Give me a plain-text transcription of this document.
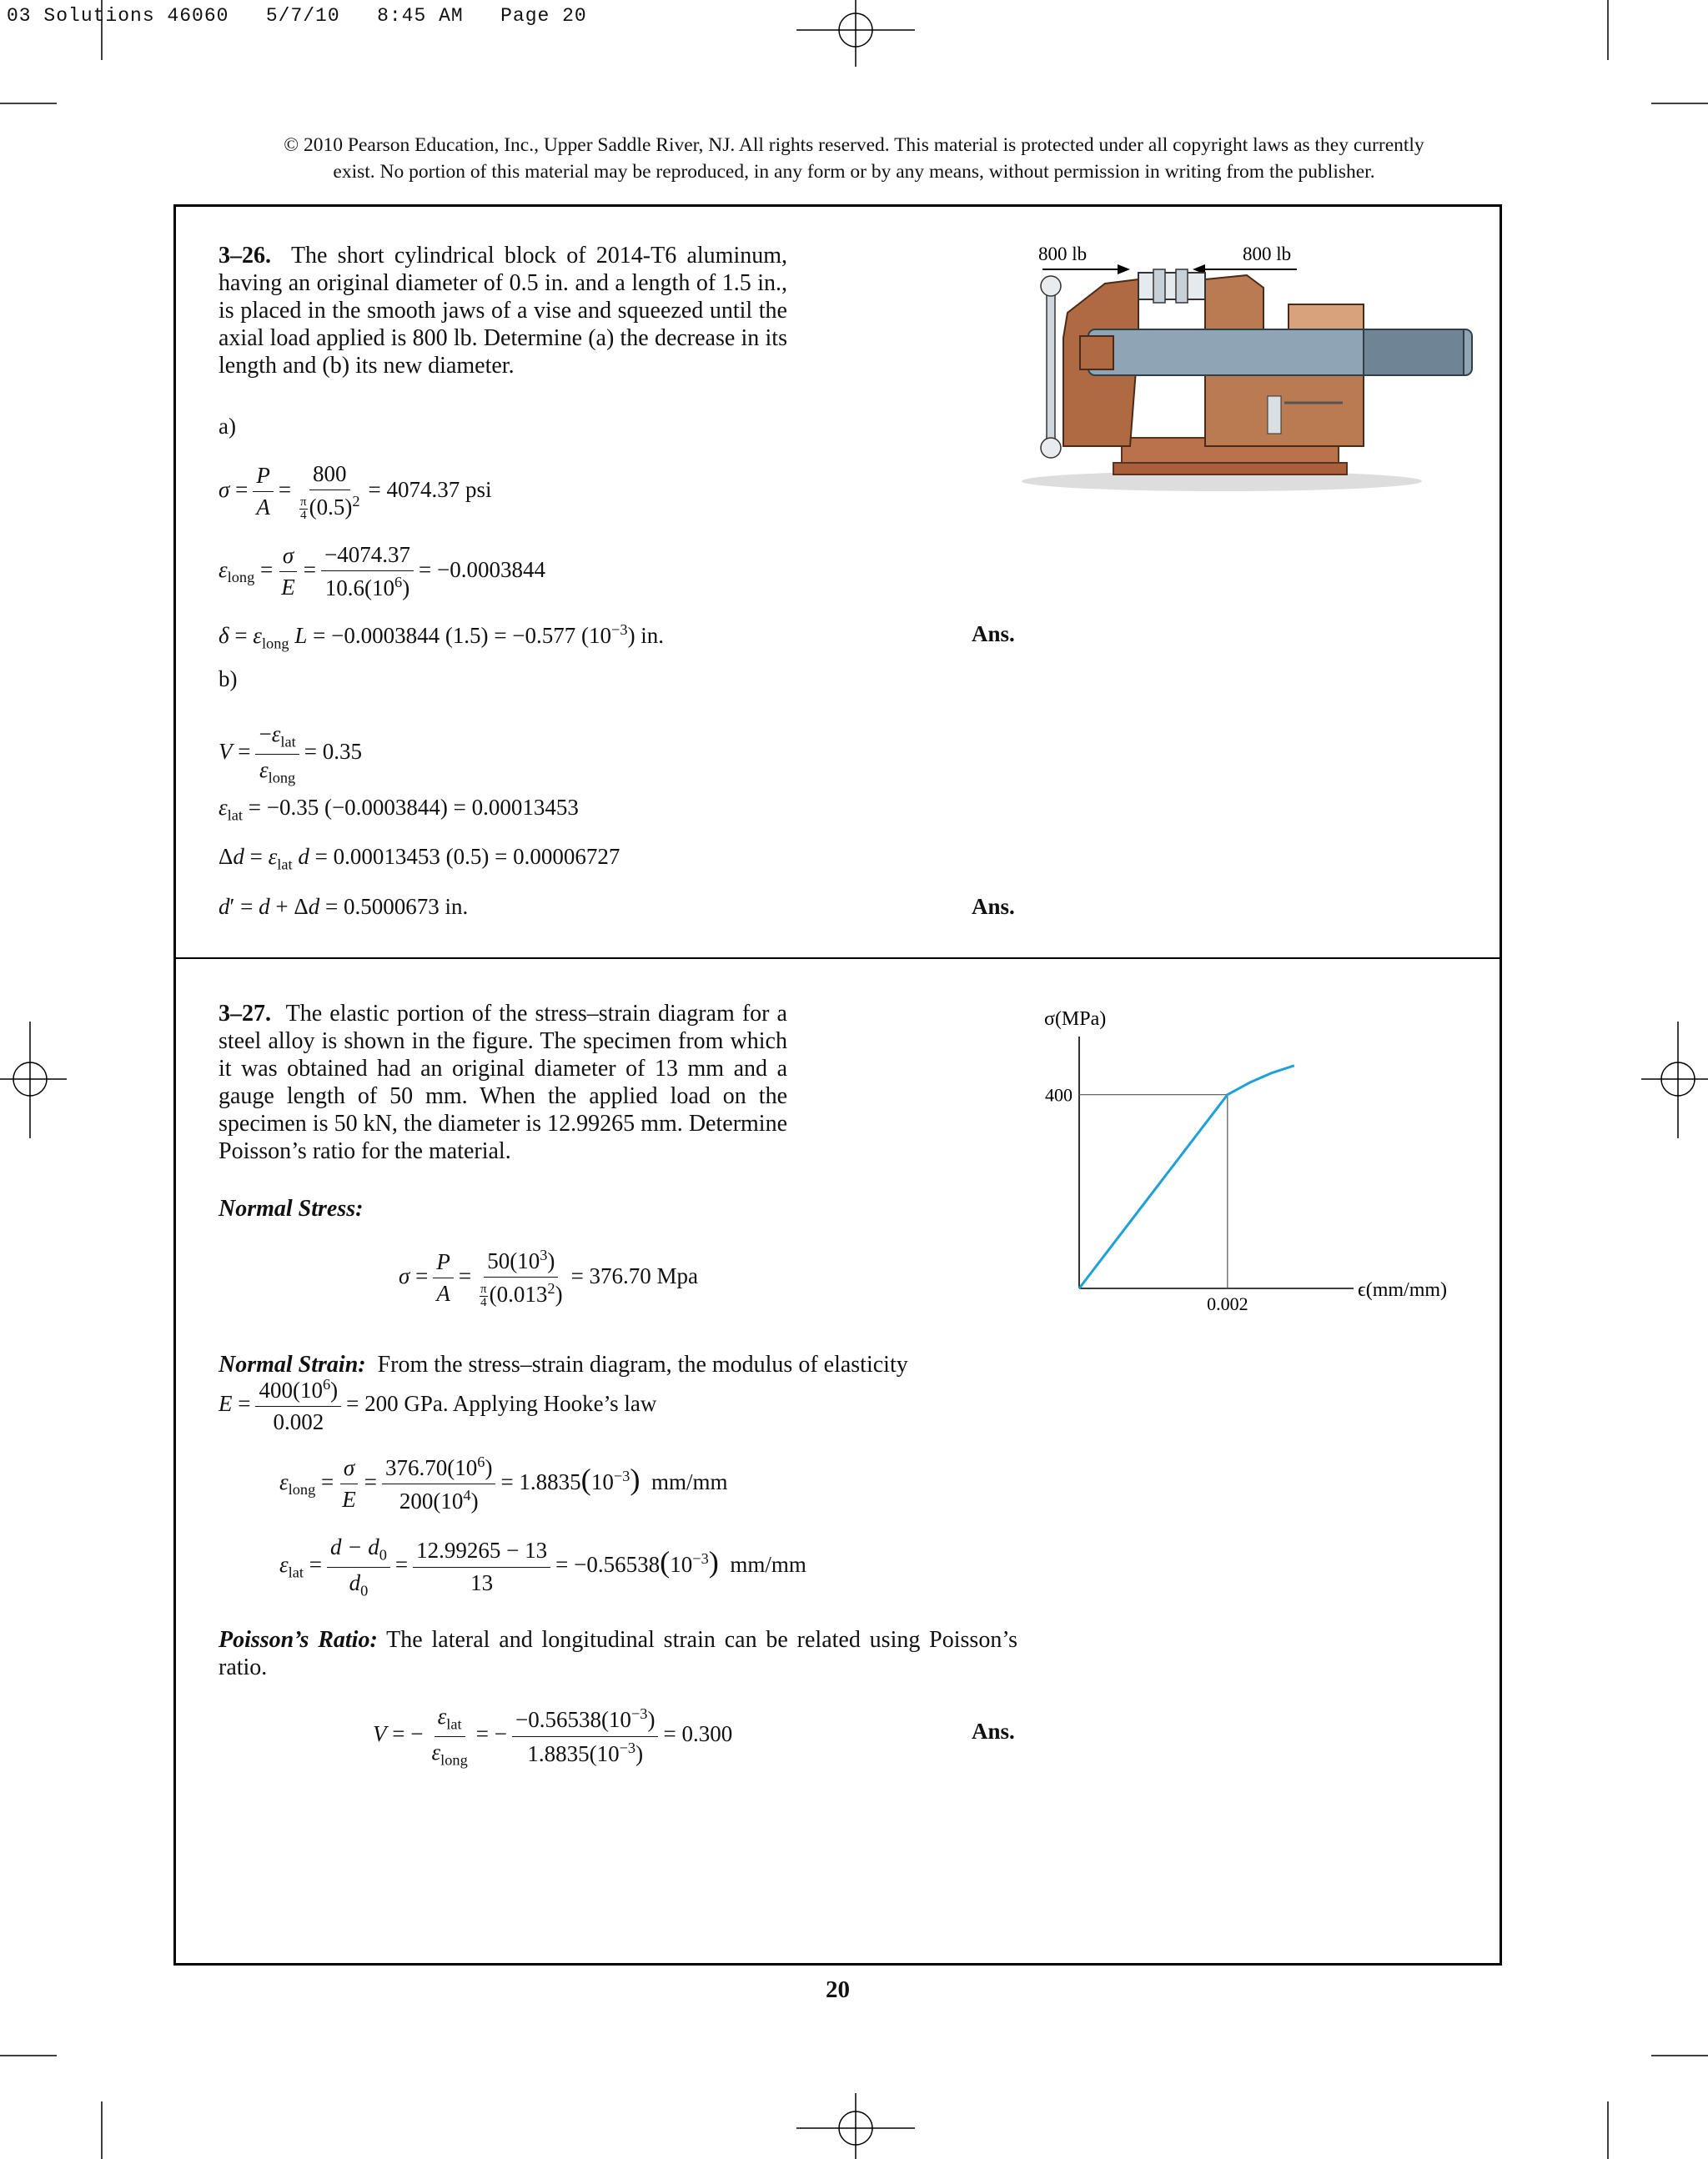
03 Solutions 46060   5/7/10   8:45 AM   Page 20
© 2010 Pearson Education, Inc., Upper Saddle River, NJ. All rights reserved. This material is protected under all copyright laws as they currently
exist. No portion of this material may be reproduced, in any form or by any means, without permission in writing from the publisher.
3–26. The short cylindrical block of 2014-T6 aluminum, having an original diameter of 0.5 in. and a length of 1.5 in., is placed in the smooth jaws of a vise and squeezed until the axial load applied is 800 lb. Determine (a) the decrease in its length and (b) its new diameter.
800 lb	800 lb
a)
$\sigma = \frac{P}{A} = \frac{800}{\frac{\pi}{4} (0.5)^2} = 4074.37$ psi
$\varepsilon_{long} = \frac{\sigma}{E} = \frac{-4074.37}{10.6(10^6)} = -0.0003844$
$\delta = \varepsilon_{long}$ L = −0.0003844 (1.5) = −0.577 $(10^{-3})$ in.	Ans.
b)
$V = \frac{-\varepsilon_{lat}}{\varepsilon_{long}} = 0.35$
$\varepsilon_{lat} = -0.35$ (−0.0003844) = 0.00013453
$\Delta d = \varepsilon_{lat}$ d = 0.00013453 (0.5) = 0.00006727
d′ = d + Δd = 0.5000673 in.	Ans.
3–27. The elastic portion of the stress–strain diagram for a steel alloy is shown in the figure. The specimen from which it was obtained had an original diameter of 13 mm and a gauge length of 50 mm. When the applied load on the specimen is 50 kN, the diameter is 12.99265 mm. Determine Poisson’s ratio for the material.
σ(MPa)
ϵ(mm/mm)
400
0.002
Normal Stress:
$\sigma = \frac{P}{A} = \frac{50(10^3)}{\frac{\pi}{4} (0.013^2)} = 376.70$ Mpa
Normal Strain: From the stress–strain diagram, the modulus of elasticity
$E = \frac{400(10^6)}{0.002} = 200$ GPa. Applying Hooke’s law
$\varepsilon_{long} = \frac{\sigma}{E} = \frac{376.70(10^6)}{200(10^4)} = 1.8835(10^{-3})$ mm/mm
$\varepsilon_{lat} = \frac{d - d_0}{d_0} = \frac{12.99265 - 13}{13} = -0.56538(10^{-3})$ mm/mm
Poisson’s Ratio: The lateral and longitudinal strain can be related using Poisson’s ratio.
V = − $\frac{\varepsilon_{lat}}{\varepsilon_{long}}$ = − $\frac{-0.56538(10^{-3})}{1.8835(10^{-3})} = 0.300$	Ans.
20
